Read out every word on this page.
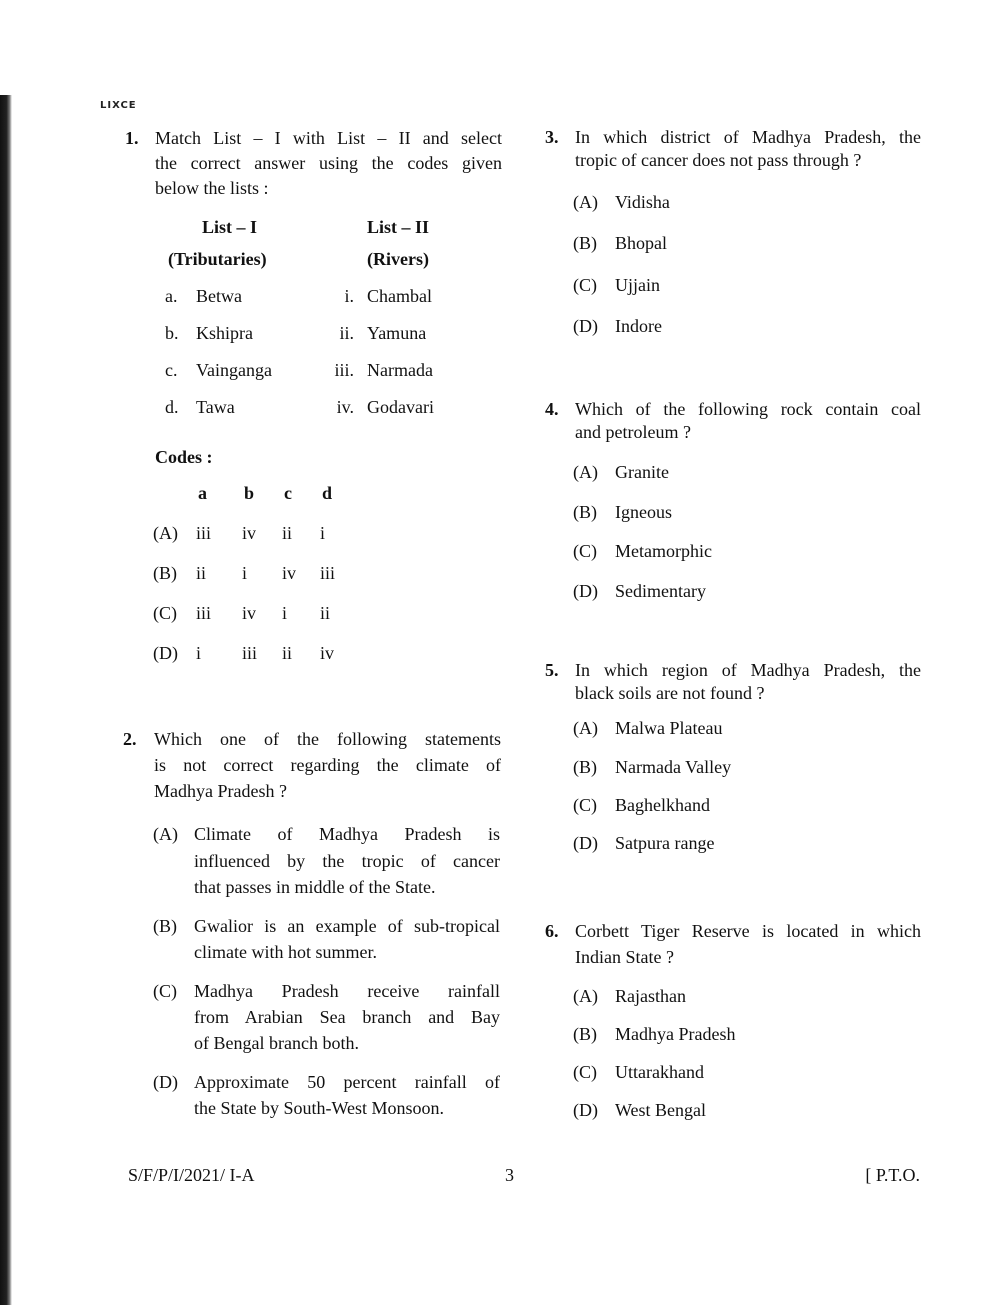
LIXCE
1. Match List – I with List – II and select
the correct answer using the codes given
below the lists :
List – I	List – II
(Tributaries)	(Rivers)
a. Betwa	i. Chambal
b. Kshipra	ii. Yamuna
c. Vainganga	iii. Narmada
d. Tawa	iv. Godavari
Codes :
a b c d
(A) iii iv ii i
(B) ii i iv iii
(C) iii iv i ii
(D) i iii ii iv
2. Which one of the following statements
is not correct regarding the climate of
Madhya Pradesh ?
(A) Climate of Madhya Pradesh is
influenced by the tropic of cancer
that passes in middle of the State.
(B) Gwalior is an example of sub-tropical
climate with hot summer.
(C) Madhya Pradesh receive rainfall
from Arabian Sea branch and Bay
of Bengal branch both.
(D) Approximate 50 percent rainfall of
the State by South-West Monsoon.
3. In which district of Madhya Pradesh, the
tropic of cancer does not pass through ?
(A) Vidisha
(B) Bhopal
(C) Ujjain
(D) Indore
4. Which of the following rock contain coal
and petroleum ?
(A) Granite
(B) Igneous
(C) Metamorphic
(D) Sedimentary
5. In which region of Madhya Pradesh, the
black soils are not found ?
(A) Malwa Plateau
(B) Narmada Valley
(C) Baghelkhand
(D) Satpura range
6. Corbett Tiger Reserve is located in which
Indian State ?
(A) Rajasthan
(B) Madhya Pradesh
(C) Uttarakhand
(D) West Bengal
S/F/P/I/2021/ I-A	3	[ P.T.O.
